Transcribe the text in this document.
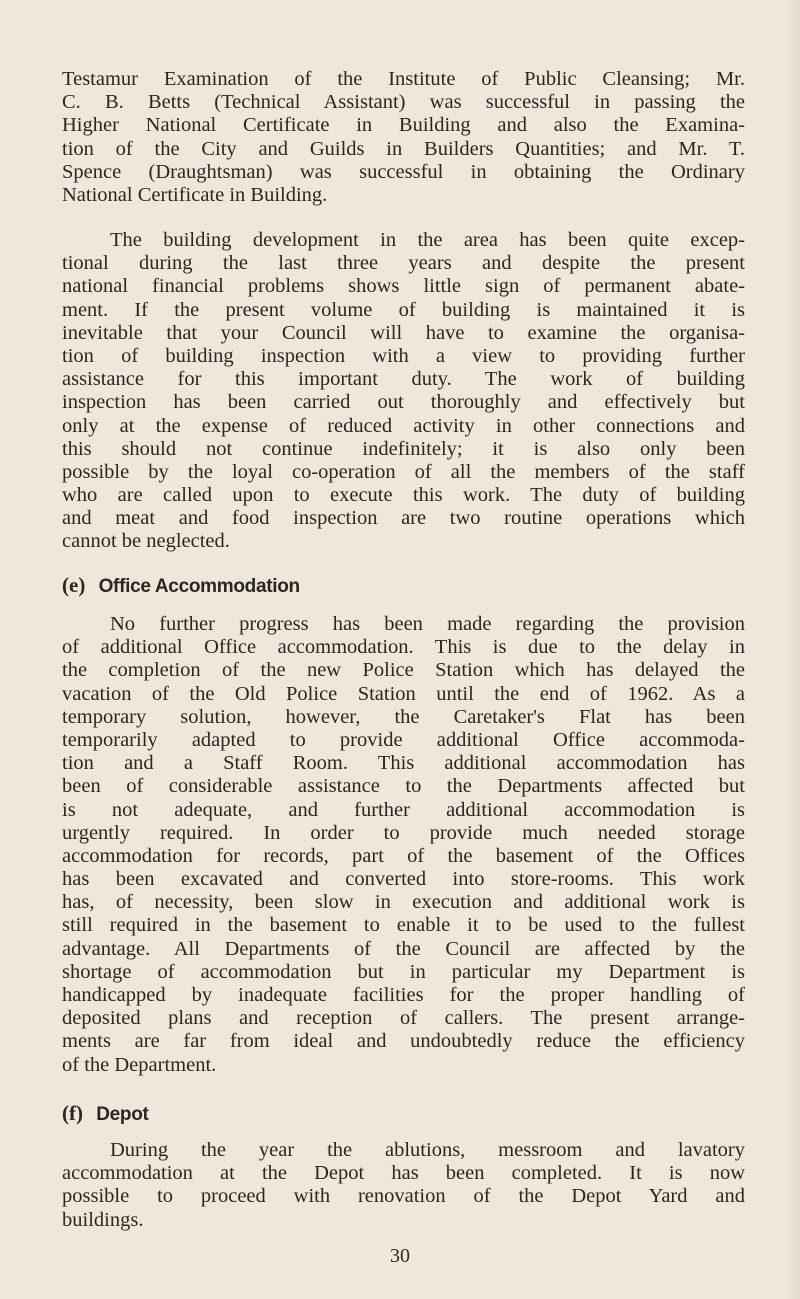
Testamur Examination of the Institute of Public Cleansing; Mr.
C. B. Betts (Technical Assistant) was successful in passing the
Higher National Certificate in Building and also the Examina-
tion of the City and Guilds in Builders Quantities; and Mr. T.
Spence (Draughtsman) was successful in obtaining the Ordinary
National Certificate in Building.
The building development in the area has been quite excep-
tional during the last three years and despite the present
national financial problems shows little sign of permanent abate-
ment. If the present volume of building is maintained it is
inevitable that your Council will have to examine the organisa-
tion of building inspection with a view to providing further
assistance for this important duty. The work of building
inspection has been carried out thoroughly and effectively but
only at the expense of reduced activity in other connections and
this should not continue indefinitely; it is also only been
possible by the loyal co-operation of all the members of the staff
who are called upon to execute this work. The duty of building
and meat and food inspection are two routine operations which
cannot be neglected.
(e) Office Accommodation
No further progress has been made regarding the provision
of additional Office accommodation. This is due to the delay in
the completion of the new Police Station which has delayed the
vacation of the Old Police Station until the end of 1962. As a
temporary solution, however, the Caretaker's Flat has been
temporarily adapted to provide additional Office accommoda-
tion and a Staff Room. This additional accommodation has
been of considerable assistance to the Departments affected but
is not adequate, and further additional accommodation is
urgently required. In order to provide much needed storage
accommodation for records, part of the basement of the Offices
has been excavated and converted into store-rooms. This work
has, of necessity, been slow in execution and additional work is
still required in the basement to enable it to be used to the fullest
advantage. All Departments of the Council are affected by the
shortage of accommodation but in particular my Department is
handicapped by inadequate facilities for the proper handling of
deposited plans and reception of callers. The present arrange-
ments are far from ideal and undoubtedly reduce the efficiency
of the Department.
(f) Depot
During the year the ablutions, messroom and lavatory
accommodation at the Depot has been completed. It is now
possible to proceed with renovation of the Depot Yard and
buildings.
30
